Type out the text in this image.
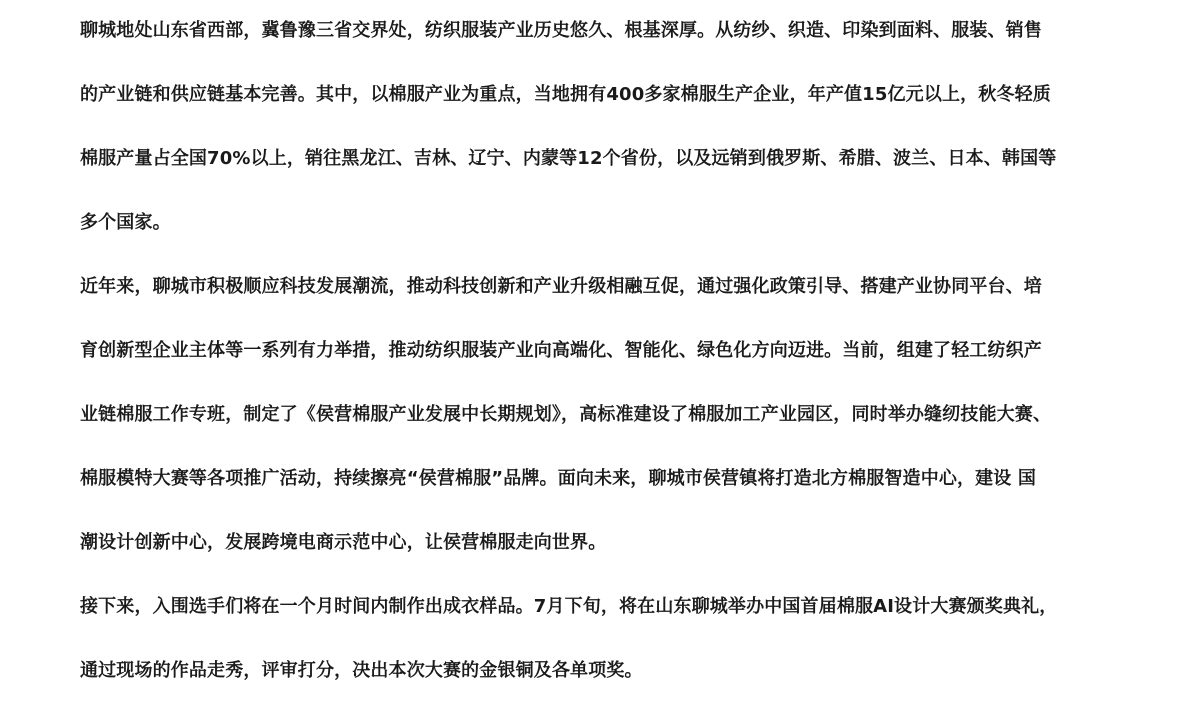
聊城地处山东省西部，冀鲁豫三省交界处，纺织服装产业历史悠久、根基深厚。从纺纱、织造、印染到面料、服装、销售
的产业链和供应链基本完善。其中，以棉服产业为重点，当地拥有400多家棉服生产企业，年产值15亿元以上，秋冬轻质
棉服产量占全国70%以上，销往黑龙江、吉林、辽宁、内蒙等12个省份，以及远销到俄罗斯、希腊、波兰、日本、韩国等
多个国家。
近年来，聊城市积极顺应科技发展潮流，推动科技创新和产业升级相融互促，通过强化政策引导、搭建产业协同平台、培
育创新型企业主体等一系列有力举措，推动纺织服装产业向高端化、智能化、绿色化方向迈进。当前，组建了轻工纺织产
业链棉服工作专班，制定了《侯营棉服产业发展中长期规划》，高标准建设了棉服加工产业园区，同时举办缝纫技能大赛、
棉服模特大赛等各项推广活动，持续擦亮“侯营棉服”品牌。面向未来，聊城市侯营镇将打造北方棉服智造中心，建设 国
潮设计创新中心，发展跨境电商示范中心，让侯营棉服走向世界。
接下来，入围选手们将在一个月时间内制作出成衣样品。7月下旬，将在山东聊城举办中国首届棉服AI设计大赛颁奖典礼，
通过现场的作品走秀，评审打分，决出本次大赛的金银铜及各单项奖。
